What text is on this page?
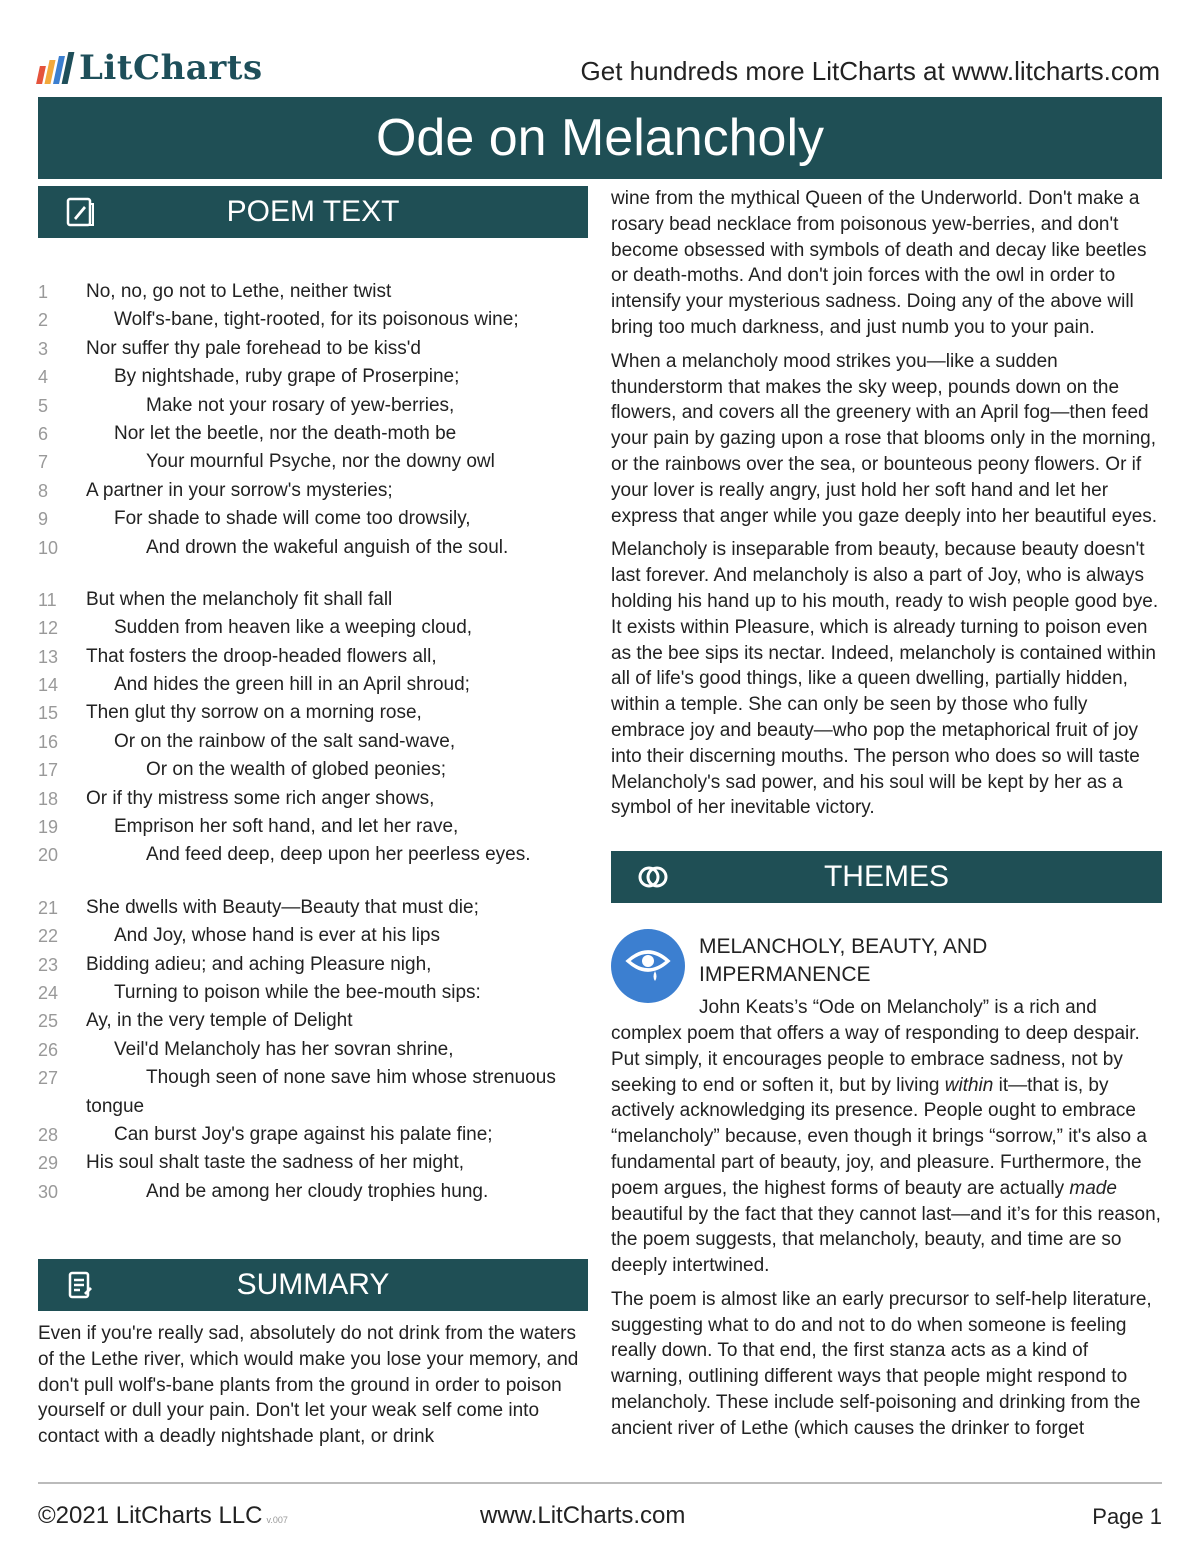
LitCharts	Get hundreds more LitCharts at www.litcharts.com
Ode on Melancholy
POEM TEXT
1	No, no, go not to Lethe, neither twist
2	Wolf's-bane, tight-rooted, for its poisonous wine;
3	Nor suffer thy pale forehead to be kiss'd
4	By nightshade, ruby grape of Proserpine;
5	Make not your rosary of yew-berries,
6	Nor let the beetle, nor the death-moth be
7	Your mournful Psyche, nor the downy owl
8	A partner in your sorrow's mysteries;
9	For shade to shade will come too drowsily,
10	And drown the wakeful anguish of the soul.
11	But when the melancholy fit shall fall
12	Sudden from heaven like a weeping cloud,
13	That fosters the droop-headed flowers all,
14	And hides the green hill in an April shroud;
15	Then glut thy sorrow on a morning rose,
16	Or on the rainbow of the salt sand-wave,
17	Or on the wealth of globed peonies;
18	Or if thy mistress some rich anger shows,
19	Emprison her soft hand, and let her rave,
20	And feed deep, deep upon her peerless eyes.
21	She dwells with Beauty—Beauty that must die;
22	And Joy, whose hand is ever at his lips
23	Bidding adieu; and aching Pleasure nigh,
24	Turning to poison while the bee-mouth sips:
25	Ay, in the very temple of Delight
26	Veil'd Melancholy has her sovran shrine,
27	Though seen of none save him whose strenuous
tongue
28	Can burst Joy's grape against his palate fine;
29	His soul shalt taste the sadness of her might,
30	And be among her cloudy trophies hung.
SUMMARY

Even if you're really sad, absolutely do not drink from the waters of the Lethe river, which would make you lose your memory, and don't pull wolf's-bane plants from the ground in order to poison yourself or dull your pain. Don't let your weak self come into contact with a deadly nightshade plant, or drink

wine from the mythical Queen of the Underworld. Don't make a rosary bead necklace from poisonous yew-berries, and don't become obsessed with symbols of death and decay like beetles or death-moths. And don't join forces with the owl in order to intensify your mysterious sadness. Doing any of the above will bring too much darkness, and just numb you to your pain.

When a melancholy mood strikes you—like a sudden thunderstorm that makes the sky weep, pounds down on the flowers, and covers all the greenery with an April fog—then feed your pain by gazing upon a rose that blooms only in the morning, or the rainbows over the sea, or bounteous peony flowers. Or if your lover is really angry, just hold her soft hand and let her express that anger while you gaze deeply into her beautiful eyes.

Melancholy is inseparable from beauty, because beauty doesn't last forever. And melancholy is also a part of Joy, who is always holding his hand up to his mouth, ready to wish people good bye. It exists within Pleasure, which is already turning to poison even as the bee sips its nectar. Indeed, melancholy is contained within all of life's good things, like a queen dwelling, partially hidden, within a temple. She can only be seen by those who fully embrace joy and beauty—who pop the metaphorical fruit of joy into their discerning mouths. The person who does so will taste Melancholy's sad power, and his soul will be kept by her as a symbol of her inevitable victory.

THEMES
MELANCHOLY, BEAUTY, AND IMPERMANENCE

John Keats’s “Ode on Melancholy” is a rich and complex poem that offers a way of responding to deep despair. Put simply, it encourages people to embrace sadness, not by seeking to end or soften it, but by living within it—that is, by actively acknowledging its presence. People ought to embrace “melancholy” because, even though it brings “sorrow,” it's also a fundamental part of beauty, joy, and pleasure. Furthermore, the poem argues, the highest forms of beauty are actually made beautiful by the fact that they cannot last—and it’s for this reason, the poem suggests, that melancholy, beauty, and time are so deeply intertwined.

The poem is almost like an early precursor to self-help literature, suggesting what to do and not to do when someone is feeling really down. To that end, the first stanza acts as a kind of warning, outlining different ways that people might respond to melancholy. These include self-poisoning and drinking from the ancient river of Lethe (which causes the drinker to forget

©2021 LitCharts LLC v.007	www.LitCharts.com	Page 1
